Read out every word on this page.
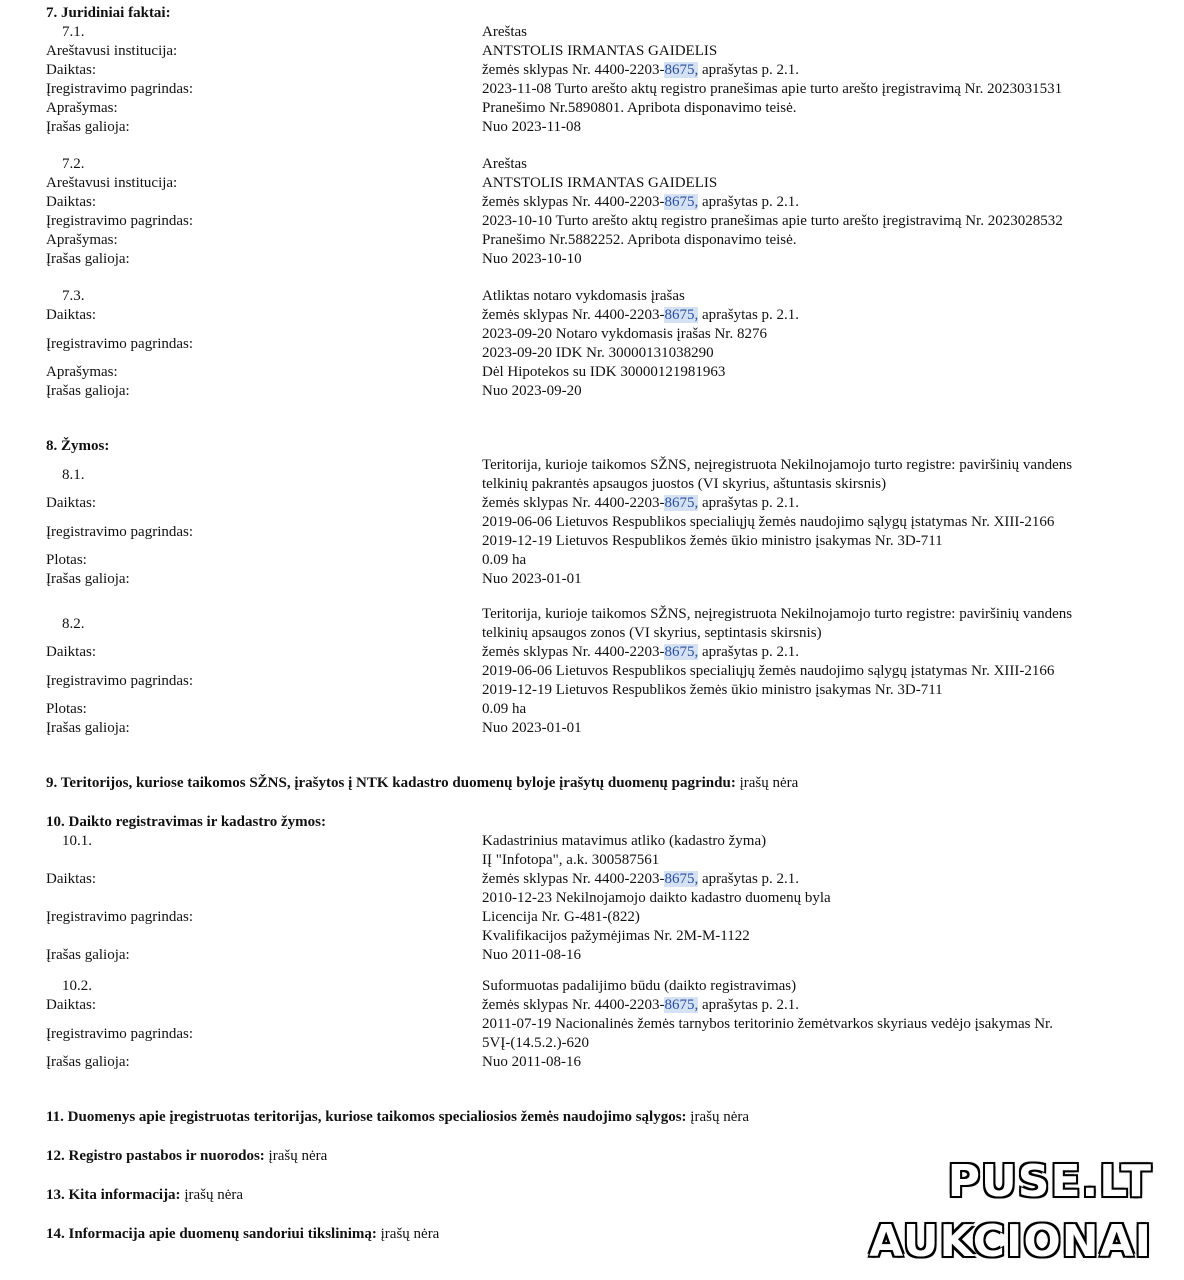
7. Juridiniai faktai:
7.1.	Areštas
Areštavusi institucija:	ANTSTOLIS IRMANTAS GAIDELIS
Daiktas:	žemės sklypas Nr. 4400-2203-8675, aprašytas p. 2.1.
Įregistravimo pagrindas:	2023-11-08 Turto arešto aktų registro pranešimas apie turto arešto įregistravimą Nr. 2023031531
Aprašymas:	Pranešimo Nr.5890801. Apribota disponavimo teisė.
Įrašas galioja:	Nuo 2023-11-08
7.2.	Areštas
Areštavusi institucija:	ANTSTOLIS IRMANTAS GAIDELIS
Daiktas:	žemės sklypas Nr. 4400-2203-8675, aprašytas p. 2.1.
Įregistravimo pagrindas:	2023-10-10 Turto arešto aktų registro pranešimas apie turto arešto įregistravimą Nr. 2023028532
Aprašymas:	Pranešimo Nr.5882252. Apribota disponavimo teisė.
Įrašas galioja:	Nuo 2023-10-10
7.3.	Atliktas notaro vykdomasis įrašas
Daiktas:	žemės sklypas Nr. 4400-2203-8675, aprašytas p. 2.1.
Įregistravimo pagrindas:
2023-09-20 Notaro vykdomasis įrašas Nr. 8276
2023-09-20 IDK Nr. 30000131038290
Aprašymas:	Dėl Hipotekos su IDK 30000121981963
Įrašas galioja:	Nuo 2023-09-20
8. Žymos:
8.1.
Teritorija, kurioje taikomos SŽNS, neįregistruota Nekilnojamojo turto registre: paviršinių vandens
telkinių pakrantės apsaugos juostos (VI skyrius, aštuntasis skirsnis)
Daiktas:	žemės sklypas Nr. 4400-2203-8675, aprašytas p. 2.1.
Įregistravimo pagrindas:
2019-06-06 Lietuvos Respublikos specialiųjų žemės naudojimo sąlygų įstatymas Nr. XIII-2166
2019-12-19 Lietuvos Respublikos žemės ūkio ministro įsakymas Nr. 3D-711
Plotas:	0.09 ha
Įrašas galioja:	Nuo 2023-01-01
8.2.
Teritorija, kurioje taikomos SŽNS, neįregistruota Nekilnojamojo turto registre: paviršinių vandens
telkinių apsaugos zonos (VI skyrius, septintasis skirsnis)
Daiktas:	žemės sklypas Nr. 4400-2203-8675, aprašytas p. 2.1.
Įregistravimo pagrindas:
2019-06-06 Lietuvos Respublikos specialiųjų žemės naudojimo sąlygų įstatymas Nr. XIII-2166
2019-12-19 Lietuvos Respublikos žemės ūkio ministro įsakymas Nr. 3D-711
Plotas:	0.09 ha
Įrašas galioja:	Nuo 2023-01-01
9. Teritorijos, kuriose taikomos SŽNS, įrašytos į NTK kadastro duomenų byloje įrašytų duomenų pagrindu: įrašų nėra
10. Daikto registravimas ir kadastro žymos:
10.1.	Kadastrinius matavimus atliko (kadastro žyma)
IĮ "Infotopa", a.k. 300587561
Daiktas:	žemės sklypas Nr. 4400-2203-8675, aprašytas p. 2.1.
Įregistravimo pagrindas:
2010-12-23 Nekilnojamojo daikto kadastro duomenų byla
Licencija Nr. G-481-(822)
Kvalifikacijos pažymėjimas Nr. 2M-M-1122
Įrašas galioja:	Nuo 2011-08-16
10.2.	Suformuotas padalijimo būdu (daikto registravimas)
Daiktas:	žemės sklypas Nr. 4400-2203-8675, aprašytas p. 2.1.
Įregistravimo pagrindas:
2011-07-19 Nacionalinės žemės tarnybos teritorinio žemėtvarkos skyriaus vedėjo įsakymas Nr.
5VĮ-(14.5.2.)-620
Įrašas galioja:	Nuo 2011-08-16
11. Duomenys apie įregistruotas teritorijas, kuriose taikomos specialiosios žemės naudojimo sąlygos: įrašų nėra
12. Registro pastabos ir nuorodos: įrašų nėra
13. Kita informacija: įrašų nėra
14. Informacija apie duomenų sandoriui tikslinimą: įrašų nėra
PUSE.LT
AUKCIONAI
